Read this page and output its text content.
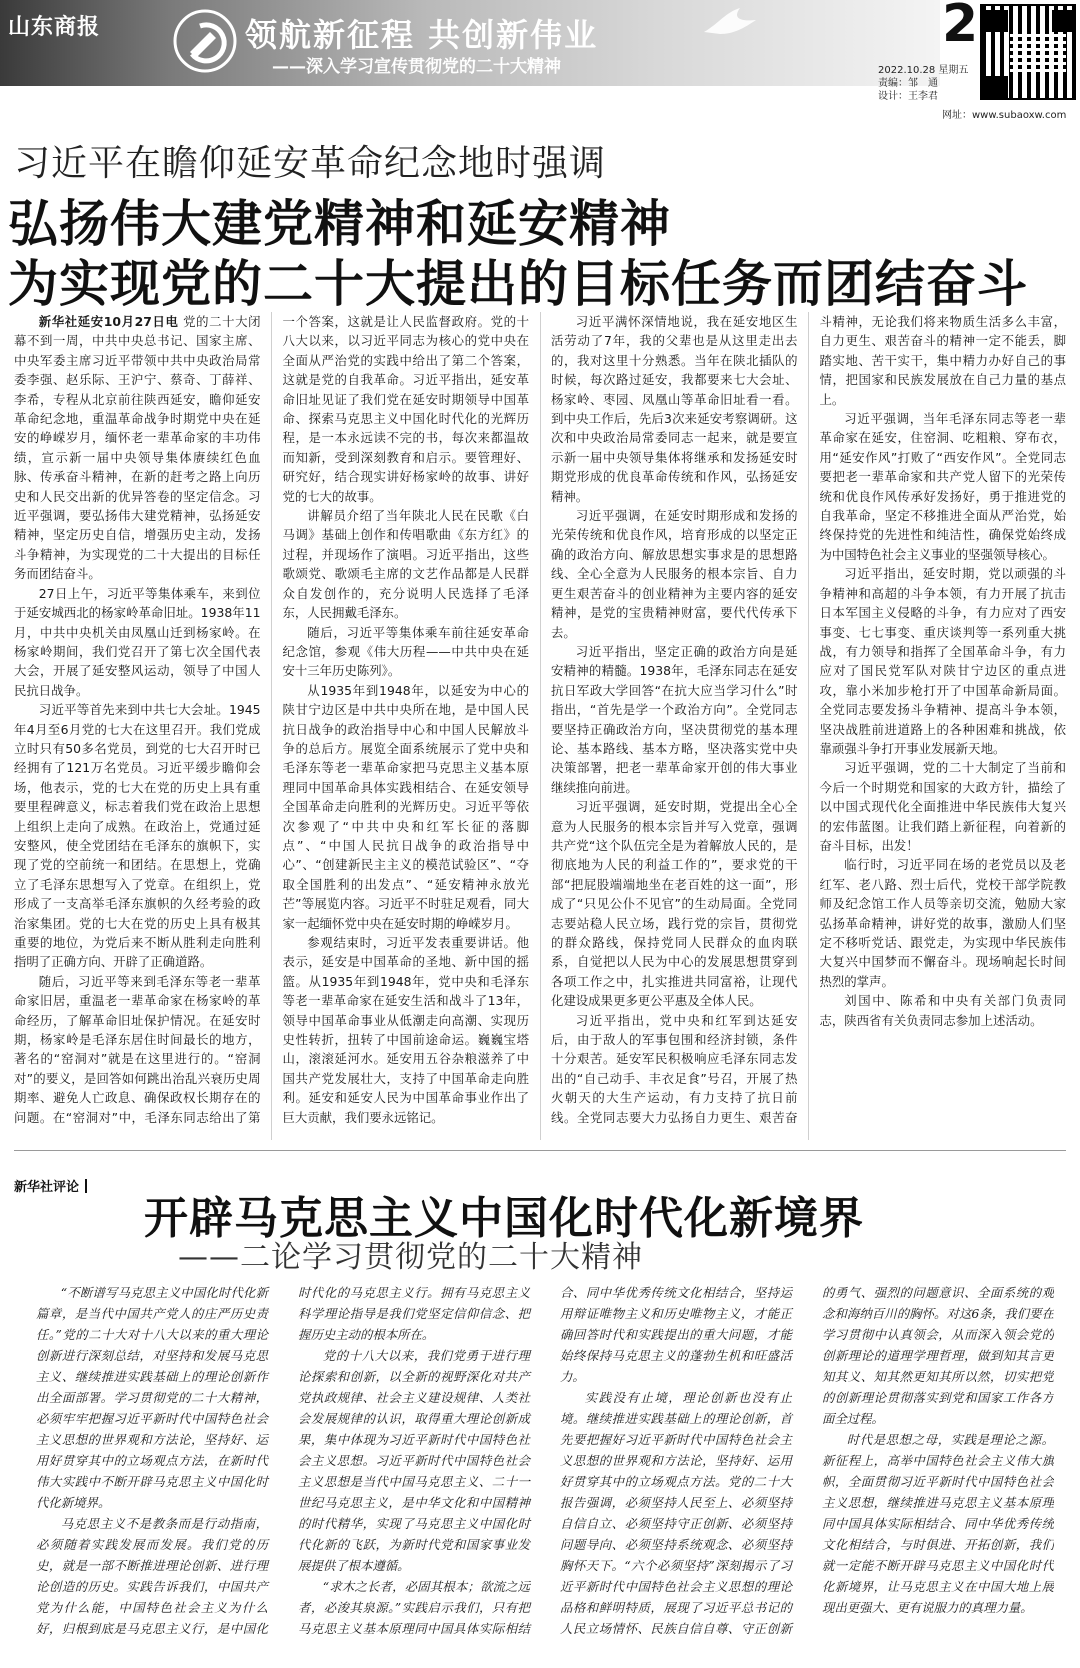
山东商报	领航新征程 共创新伟业
——深入学习宣传贯彻党的二十大精神
2
2022.10.28 星期五
责编：邹　通
设计：王李君
网址：www.subaoxw.com
习近平在瞻仰延安革命纪念地时强调
弘扬伟大建党精神和延安精神
为实现党的二十大提出的目标任务而团结奋斗

新华社延安10月27日电 党的二十大闭幕不到一周，中共中央总书记、国家主席、中央军委主席习近平带领中共中央政治局常委李强、赵乐际、王沪宁、蔡奇、丁薛祥、李希，专程从北京前往陕西延安，瞻仰延安革命纪念地，重温革命战争时期党中央在延安的峥嵘岁月，缅怀老一辈革命家的丰功伟绩，宣示新一届中央领导集体赓续红色血脉、传承奋斗精神，在新的赶考之路上向历史和人民交出新的优异答卷的坚定信念。习近平强调，要弘扬伟大建党精神，弘扬延安精神，坚定历史自信，增强历史主动，发扬斗争精神，为实现党的二十大提出的目标任务而团结奋斗。

27日上午，习近平等集体乘车，来到位于延安城西北的杨家岭革命旧址。1938年11月，中共中央机关由凤凰山迁到杨家岭。在杨家岭期间，我们党召开了第七次全国代表大会，开展了延安整风运动，领导了中国人民抗日战争。

习近平等首先来到中共七大会址。1945年4月至6月党的七大在这里召开。我们党成立时只有50多名党员，到党的七大召开时已经拥有了121万名党员。习近平缓步瞻仰会场，他表示，党的七大在党的历史上具有重要里程碑意义，标志着我们党在政治上思想上组织上走向了成熟。在政治上，党通过延安整风，使全党团结在毛泽东的旗帜下，实现了党的空前统一和团结。在思想上，党确立了毛泽东思想写入了党章。在组织上，党形成了一支高举毛泽东旗帜的久经考验的政治家集团。党的七大在党的历史上具有极其重要的地位，为党后来不断从胜利走向胜利指明了正确方向、开辟了正确道路。

随后，习近平等来到毛泽东等老一辈革命家旧居，重温老一辈革命家在杨家岭的革命经历，了解革命旧址保护情况。在延安时期，杨家岭是毛泽东居住时间最长的地方，著名的“窑洞对”就是在这里进行的。“窑洞对”的要义，是回答如何跳出治乱兴衰历史周期率、避免人亡政息、确保政权长期存在的问题。在“窑洞对”中，毛泽东同志给出了第一个答案，这就是让人民监督政府。党的十八大以来，以习近平同志为核心的党中央在全面从严治党的实践中给出了第二个答案，这就是党的自我革命。习近平指出，延安革命旧址见证了我们党在延安时期领导中国革命、探索马克思主义中国化时代化的光辉历程，是一本永远读不完的书，每次来都温故而知新，受到深刻教育和启示。要管理好、研究好，结合现实讲好杨家岭的故事、讲好党的七大的故事。

讲解员介绍了当年陕北人民在民歌《白马调》基础上创作和传唱歌曲《东方红》的过程，并现场作了演唱。习近平指出，这些歌颂党、歌颂毛主席的文艺作品都是人民群众自发创作的，充分说明人民选择了毛泽东，人民拥戴毛泽东。

随后，习近平等集体乘车前往延安革命纪念馆，参观《伟大历程——中共中央在延安十三年历史陈列》。

从1935年到1948年，以延安为中心的陕甘宁边区是中共中央所在地，是中国人民抗日战争的政治指导中心和中国人民解放斗争的总后方。展览全面系统展示了党中央和毛泽东等老一辈革命家把马克思主义基本原理同中国革命具体实践相结合、在延安领导全国革命走向胜利的光辉历史。习近平等依次参观了“中共中央和红军长征的落脚点”、“中国人民抗日战争的政治指导中心”、“创建新民主主义的模范试验区”、“夺取全国胜利的出发点”、“延安精神永放光芒”等展览内容。习近平不时驻足观看，同大家一起缅怀党中央在延安时期的峥嵘岁月。

参观结束时，习近平发表重要讲话。他表示，延安是中国革命的圣地、新中国的摇篮。从1935年到1948年，党中央和毛泽东等老一辈革命家在延安生活和战斗了13年，领导中国革命事业从低潮走向高潮、实现历史性转折，扭转了中国前途命运。巍巍宝塔山，滚滚延河水。延安用五谷杂粮滋养了中国共产党发展壮大，支持了中国革命走向胜利。延安和延安人民为中国革命事业作出了巨大贡献，我们要永远铭记。

习近平满怀深情地说，我在延安地区生活劳动了7年，我的父辈也是从这里走出去的，我对这里十分熟悉。当年在陕北插队的时候，每次路过延安，我都要来七大会址、杨家岭、枣园、凤凰山等革命旧址看一看。到中央工作后，先后3次来延安考察调研。这次和中央政治局常委同志一起来，就是要宣示新一届中央领导集体将继承和发扬延安时期党形成的优良革命传统和作风，弘扬延安精神。

习近平强调，在延安时期形成和发扬的光荣传统和优良作风，培育形成的以坚定正确的政治方向、解放思想实事求是的思想路线、全心全意为人民服务的根本宗旨、自力更生艰苦奋斗的创业精神为主要内容的延安精神，是党的宝贵精神财富，要代代传承下去。

习近平指出，坚定正确的政治方向是延安精神的精髓。1938年，毛泽东同志在延安抗日军政大学回答“在抗大应当学习什么”时指出，“首先是学一个政治方向”。全党同志要坚持正确政治方向，坚决贯彻党的基本理论、基本路线、基本方略，坚决落实党中央决策部署，把老一辈革命家开创的伟大事业继续推向前进。

习近平强调，延安时期，党提出全心全意为人民服务的根本宗旨并写入党章，强调共产党“这个队伍完全是为着解放人民的，是彻底地为人民的利益工作的”，要求党的干部“把屁股端端地坐在老百姓的这一面”，形成了“只见公仆不见官”的生动局面。全党同志要站稳人民立场，践行党的宗旨，贯彻党的群众路线，保持党同人民群众的血肉联系，自觉把以人民为中心的发展思想贯穿到各项工作之中，扎实推进共同富裕，让现代化建设成果更多更公平惠及全体人民。

习近平指出，党中央和红军到达延安后，由于敌人的军事包围和经济封锁，条件十分艰苦。延安军民积极响应毛泽东同志发出的“自己动手、丰衣足食”号召，开展了热火朝天的大生产运动，有力支持了抗日前线。全党同志要大力弘扬自力更生、艰苦奋斗精神，无论我们将来物质生活多么丰富，自力更生、艰苦奋斗的精神一定不能丢，脚踏实地、苦干实干，集中精力办好自己的事情，把国家和民族发展放在自己力量的基点上。

习近平强调，当年毛泽东同志等老一辈革命家在延安，住窑洞、吃粗粮、穿布衣，用“延安作风”打败了“西安作风”。全党同志要把老一辈革命家和共产党人留下的光荣传统和优良作风传承好发扬好，勇于推进党的自我革命，坚定不移推进全面从严治党，始终保持党的先进性和纯洁性，确保党始终成为中国特色社会主义事业的坚强领导核心。

习近平指出，延安时期，党以顽强的斗争精神和高超的斗争本领，有力开展了抗击日本军国主义侵略的斗争，有力应对了西安事变、七七事变、重庆谈判等一系列重大挑战，有力领导和指挥了全国革命斗争，有力应对了国民党军队对陕甘宁边区的重点进攻，靠小米加步枪打开了中国革命新局面。全党同志要发扬斗争精神、提高斗争本领，坚决战胜前进道路上的各种困难和挑战，依靠顽强斗争打开事业发展新天地。

习近平强调，党的二十大制定了当前和今后一个时期党和国家的大政方针，描绘了以中国式现代化全面推进中华民族伟大复兴的宏伟蓝图。让我们踏上新征程，向着新的奋斗目标，出发！

临行时，习近平同在场的老党员以及老红军、老八路、烈士后代，党校干部学院教师及纪念馆工作人员等亲切交流，勉励大家弘扬革命精神，讲好党的故事，激励人们坚定不移听党话、跟党走，为实现中华民族伟大复兴中国梦而不懈奋斗。现场响起长时间热烈的掌声。

刘国中、陈希和中央有关部门负责同志，陕西省有关负责同志参加上述活动。

新华社评论
开辟马克思主义中国化时代化新境界
——二论学习贯彻党的二十大精神

“不断谱写马克思主义中国化时代化新篇章，是当代中国共产党人的庄严历史责任。”党的二十大对十八大以来的重大理论创新进行深刻总结，对坚持和发展马克思主义、继续推进实践基础上的理论创新作出全面部署。学习贯彻党的二十大精神，必须牢牢把握习近平新时代中国特色社会主义思想的世界观和方法论，坚持好、运用好贯穿其中的立场观点方法，在新时代伟大实践中不断开辟马克思主义中国化时代化新境界。

马克思主义不是教条而是行动指南，必须随着实践发展而发展。我们党的历史，就是一部不断推进理论创新、进行理论创造的历史。实践告诉我们，中国共产党为什么能，中国特色社会主义为什么好，归根到底是马克思主义行，是中国化时代化的马克思主义行。拥有马克思主义科学理论指导是我们党坚定信仰信念、把握历史主动的根本所在。

党的十八大以来，我们党勇于进行理论探索和创新，以全新的视野深化对共产党执政规律、社会主义建设规律、人类社会发展规律的认识，取得重大理论创新成果，集中体现为习近平新时代中国特色社会主义思想。习近平新时代中国特色社会主义思想是当代中国马克思主义、二十一世纪马克思主义，是中华文化和中国精神的时代精华，实现了马克思主义中国化时代化新的飞跃，为新时代党和国家事业发展提供了根本遵循。

“求木之长者，必固其根本；欲流之远者，必浚其泉源。”实践启示我们，只有把马克思主义基本原理同中国具体实际相结合、同中华优秀传统文化相结合，坚持运用辩证唯物主义和历史唯物主义，才能正确回答时代和实践提出的重大问题，才能始终保持马克思主义的蓬勃生机和旺盛活力。

实践没有止境，理论创新也没有止境。继续推进实践基础上的理论创新，首先要把握好习近平新时代中国特色社会主义思想的世界观和方法论，坚持好、运用好贯穿其中的立场观点方法。党的二十大报告强调，必须坚持人民至上、必须坚持自信自立、必须坚持守正创新、必须坚持问题导向、必须坚持系统观念、必须坚持胸怀天下。“六个必须坚持”深刻揭示了习近平新时代中国特色社会主义思想的理论品格和鲜明特质，展现了习近平总书记的人民立场情怀、民族自信自尊、守正创新的勇气、强烈的问题意识、全面系统的观念和海纳百川的胸怀。对这6条，我们要在学习贯彻中认真领会，从而深入领会党的创新理论的道理学理哲理，做到知其言更知其义、知其然更知其所以然，切实把党的创新理论贯彻落实到党和国家工作各方面全过程。

时代是思想之母，实践是理论之源。新征程上，高举中国特色社会主义伟大旗帜，全面贯彻习近平新时代中国特色社会主义思想，继续推进马克思主义基本原理同中国具体实际相结合、同中华优秀传统文化相结合，与时俱进、开拓创新，我们就一定能不断开辟马克思主义中国化时代化新境界，让马克思主义在中国大地上展现出更强大、更有说服力的真理力量。
